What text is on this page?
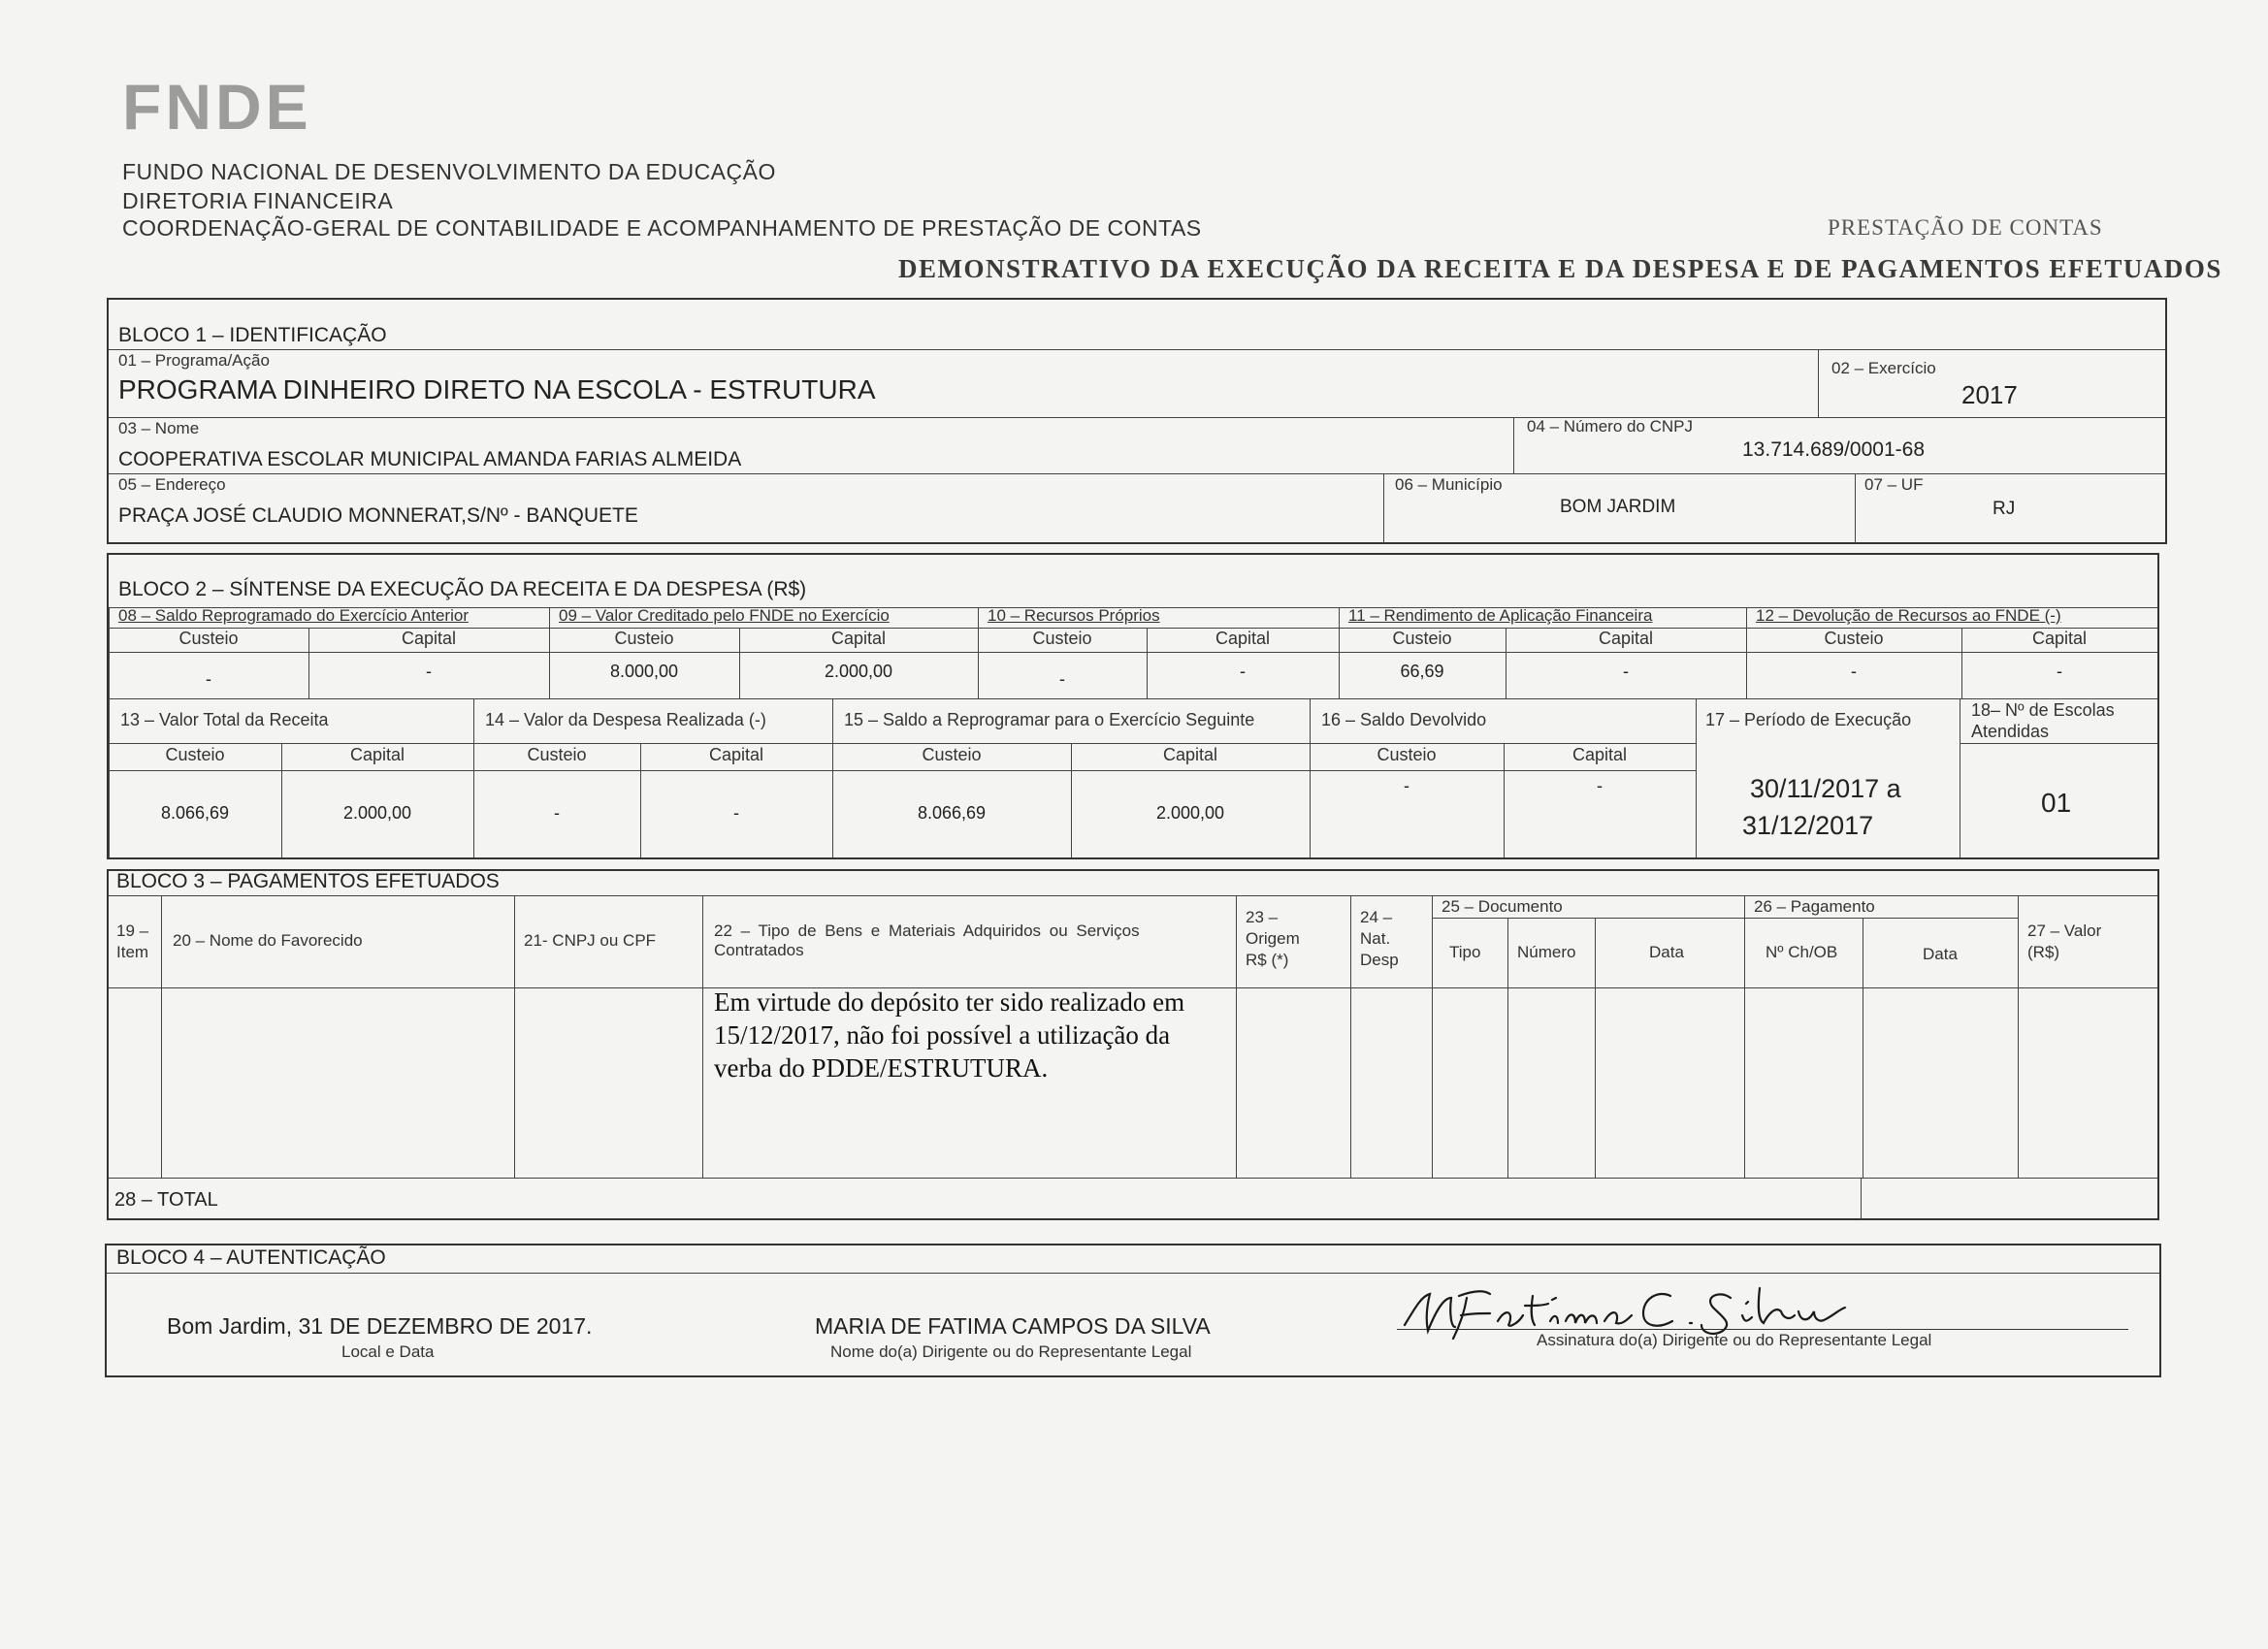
FNDE
FUNDO NACIONAL DE DESENVOLVIMENTO DA EDUCAÇÃO
DIRETORIA FINANCEIRA
COORDENAÇÃO-GERAL DE CONTABILIDADE E ACOMPANHAMENTO DE PRESTAÇÃO DE CONTAS	PRESTAÇÃO DE CONTAS
DEMONSTRATIVO DA EXECUÇÃO DA RECEITA E DA DESPESA E DE PAGAMENTOS EFETUADOS
BLOCO 1 – IDENTIFICAÇÃO
01 – Programa/Ação
PROGRAMA DINHEIRO DIRETO NA ESCOLA - ESTRUTURA
02 – Exercício
2017
03 – Nome
COOPERATIVA ESCOLAR MUNICIPAL AMANDA FARIAS ALMEIDA
04 – Número do CNPJ
13.714.689/0001-68
05 – Endereço
PRAÇA JOSÉ CLAUDIO MONNERAT,S/Nº - BANQUETE
06 – Município
BOM JARDIM
07 – UF
RJ
BLOCO 2 – SÍNTENSE DA EXECUÇÃO DA RECEITA E DA DESPESA (R$)
17 – Período de Execução
30/11/2017 a
31/12/2017
18– Nº de Escolas
Atendidas
01
BLOCO 3 – PAGAMENTOS EFETUADOS
19 –
Item
20 – Nome do Favorecido	21- CNPJ ou CPF
22 – Tipo de Bens e Materiais Adquiridos ou Serviços
Contratados
23 –
Origem
R$ (*)
24 –
Nat.
Desp
25 – Documento
Tipo Número	Data
26 – Pagamento
Nº Ch/OB	Data
27 – Valor
(R$)
Em virtude do depósito ter sido realizado em
15/12/2017, não foi possível a utilização da
verba do PDDE/ESTRUTURA.
28 – TOTAL
BLOCO 4 – AUTENTICAÇÃO
Bom Jardim, 31 DE DEZEMBRO DE 2017.
Local e Data
MARIA DE FATIMA CAMPOS DA SILVA
Nome do(a) Dirigente ou do Representante Legal
Assinatura do(a) Dirigente ou do Representante Legal
MFátima C. Silva
08 – Saldo Reprogramado do Exercício Anterior
Custeio	Capital
-	-
09 – Valor Creditado pelo FNDE no Exercício
Custeio	Capital
8.000,00	2.000,00
10 – Recursos Próprios
Custeio	Capital
-	-
11 – Rendimento de Aplicação Financeira
Custeio	Capital
66,69	-
12 – Devolução de Recursos ao FNDE (-)
Custeio	Capital
-	-
13 – Valor Total da Receita
Custeio	Capital
8.066,69	2.000,00
14 – Valor da Despesa Realizada (-)
Custeio	Capital
-	-
15 – Saldo a Reprogramar para o Exercício Seguinte
Custeio	Capital
8.066,69	2.000,00
16 – Saldo Devolvido
Custeio	Capital
-	-
